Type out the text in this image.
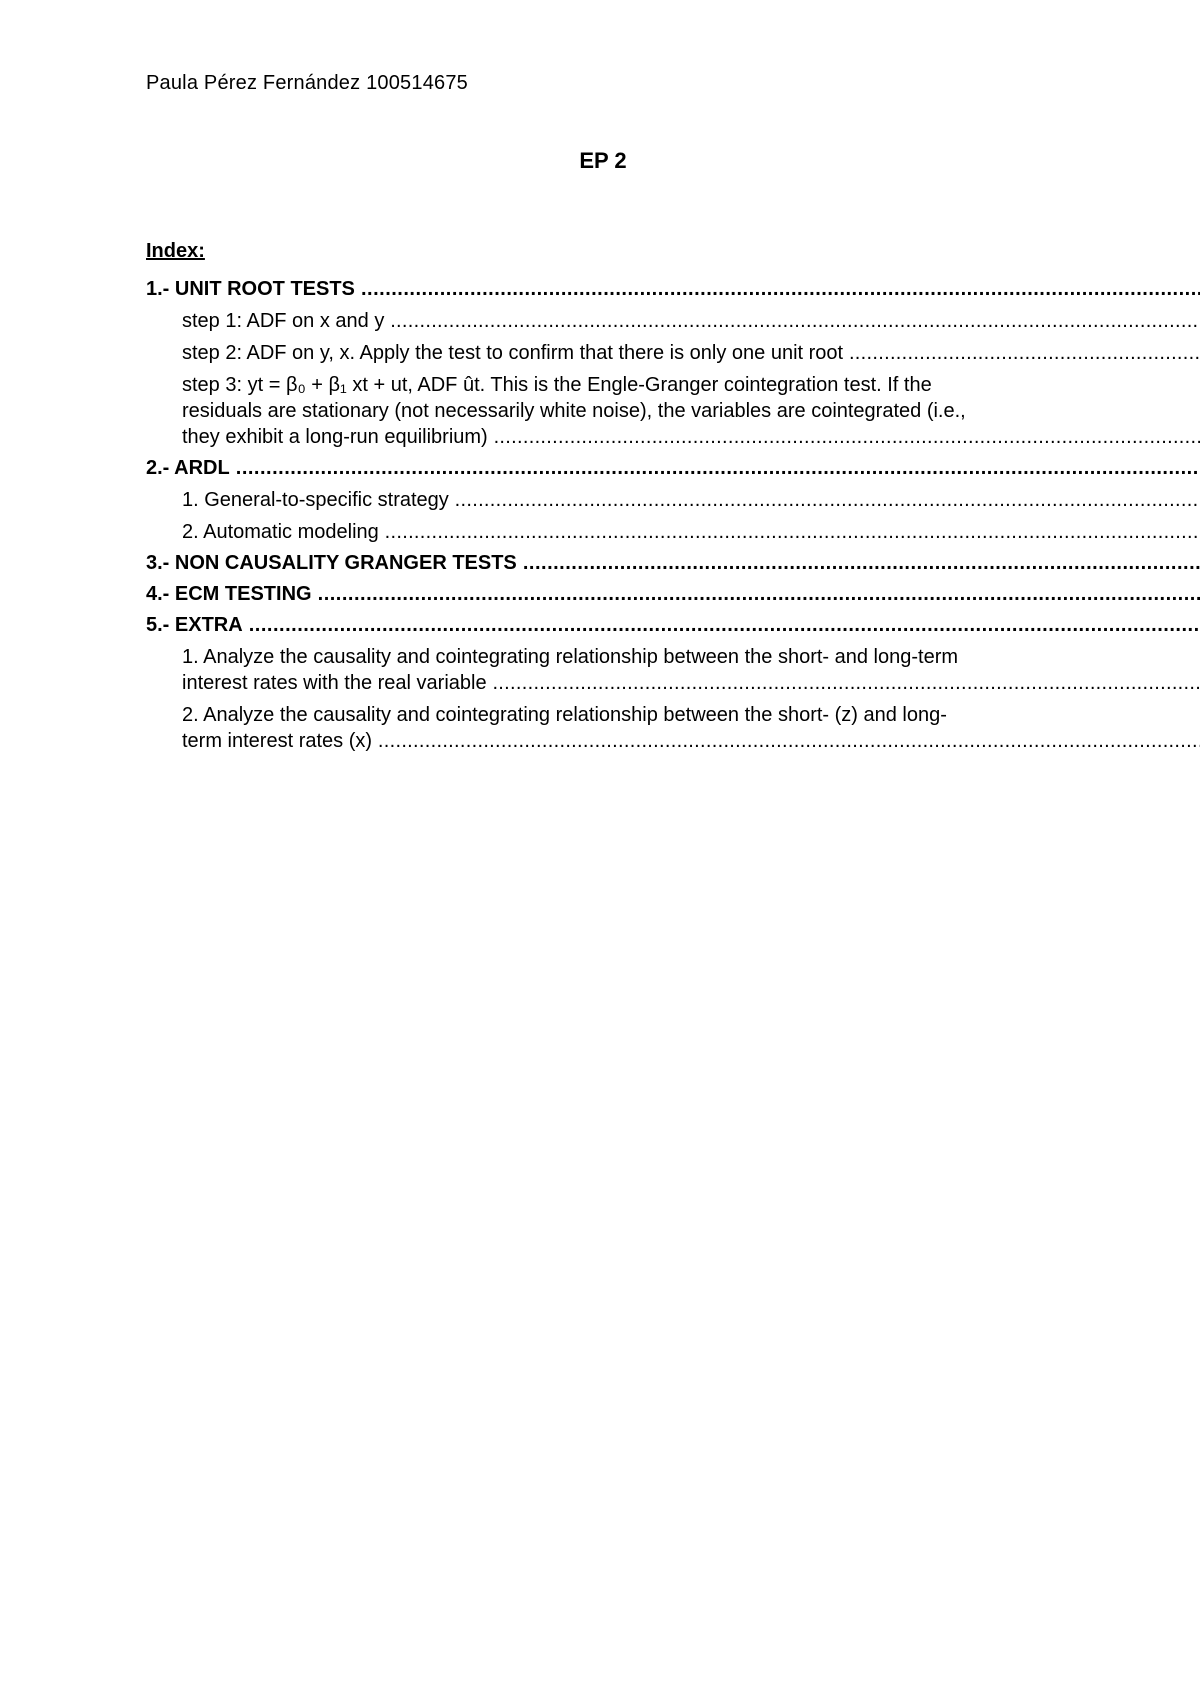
Paula Pérez Fernández 100514675
EP 2
Index:
1.- UNIT ROOT TESTS .....
step 1: ADF on x and y .....
step 2: ADF on y, x. Apply the test to confirm that there is only one unit root .....
step 3: yt = β₀ + β₁ xt + ut, ADF ût. This is the Engle-Granger cointegration test. If the
residuals are stationary (not necessarily white noise), the variables are cointegrated (i.e.,
they exhibit a long-run equilibrium) .....
2.- ARDL .....
1. General-to-specific strategy .....
2. Automatic modeling .....
3.- NON CAUSALITY GRANGER TESTS .....
4.- ECM TESTING .....
5.- EXTRA .....
1. Analyze the causality and cointegrating relationship between the short- and long-term
interest rates with the real variable .....
2. Analyze the causality and cointegrating relationship between the short- (z) and long-
term interest rates (x) .....
